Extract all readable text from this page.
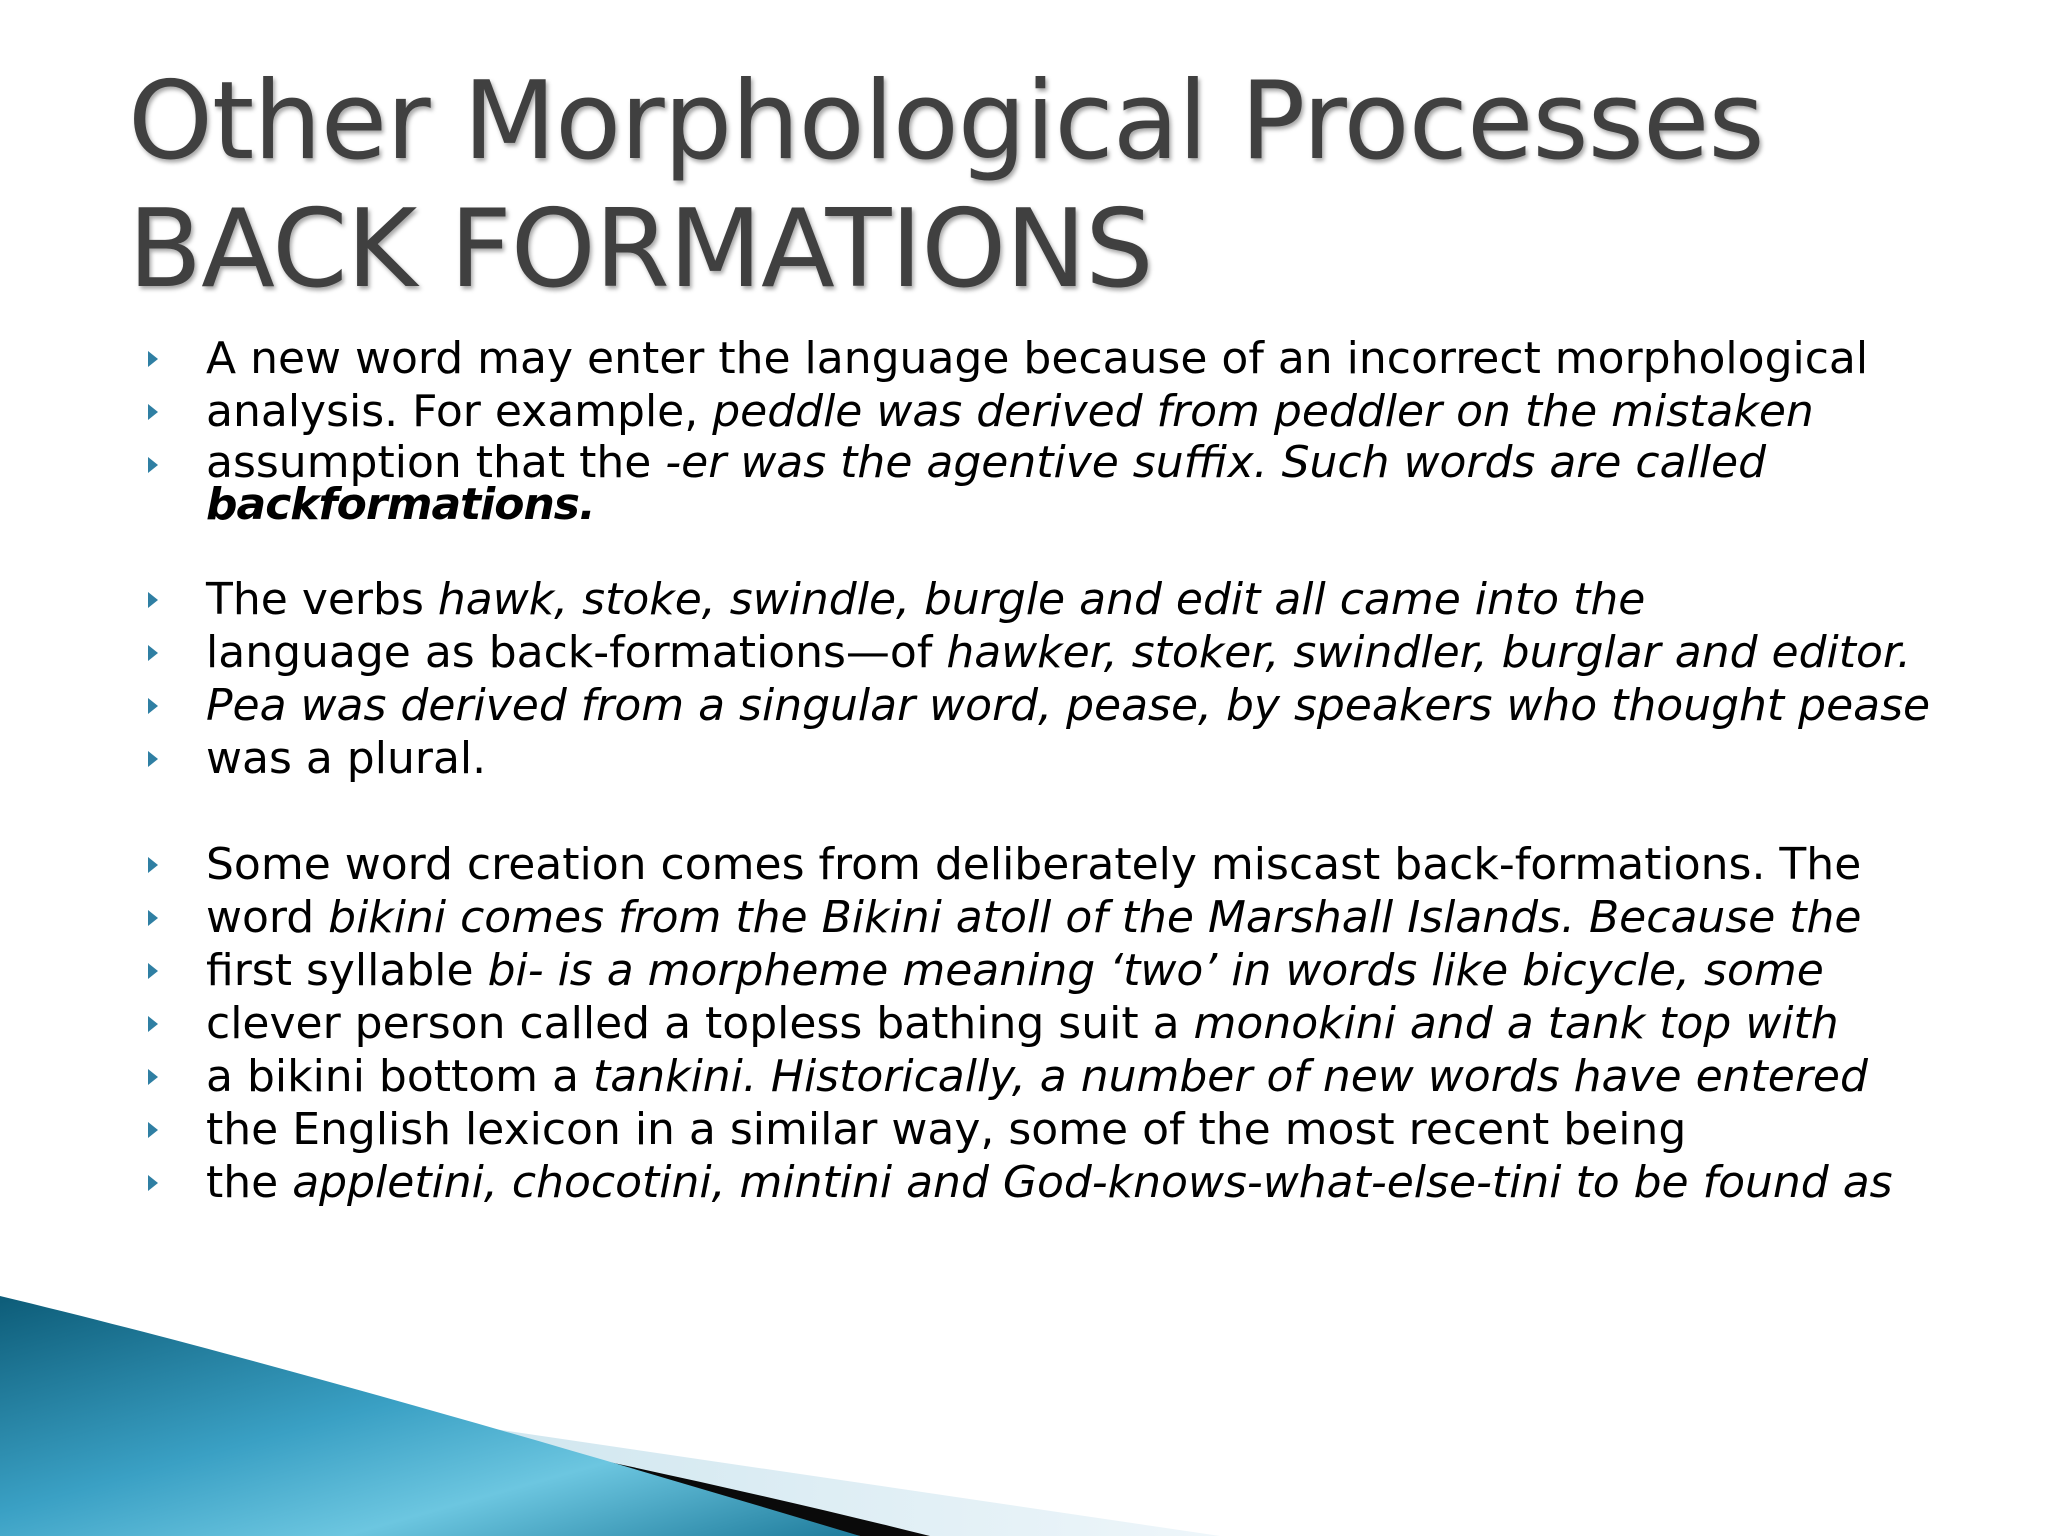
Other Morphological Processes
BACK FORMATIONS
A new word may enter the language because of an incorrect morphological
analysis. For example, peddle was derived from peddler on the mistaken
assumption that the -er was the agentive suffix. Such words are called
backformations.
The verbs hawk, stoke, swindle, burgle and edit all came into the
language as back-formations—of hawker, stoker, swindler, burglar and editor.
Pea was derived from a singular word, pease, by speakers who thought pease
was a plural.
Some word creation comes from deliberately miscast back-formations. The
word bikini comes from the Bikini atoll of the Marshall Islands. Because the
first syllable bi- is a morpheme meaning ‘two’ in words like bicycle, some
clever person called a topless bathing suit a monokini and a tank top with
a bikini bottom a tankini. Historically, a number of new words have entered
the English lexicon in a similar way, some of the most recent being
the appletini, chocotini, mintini and God-knows-what-else-tini to be found as
